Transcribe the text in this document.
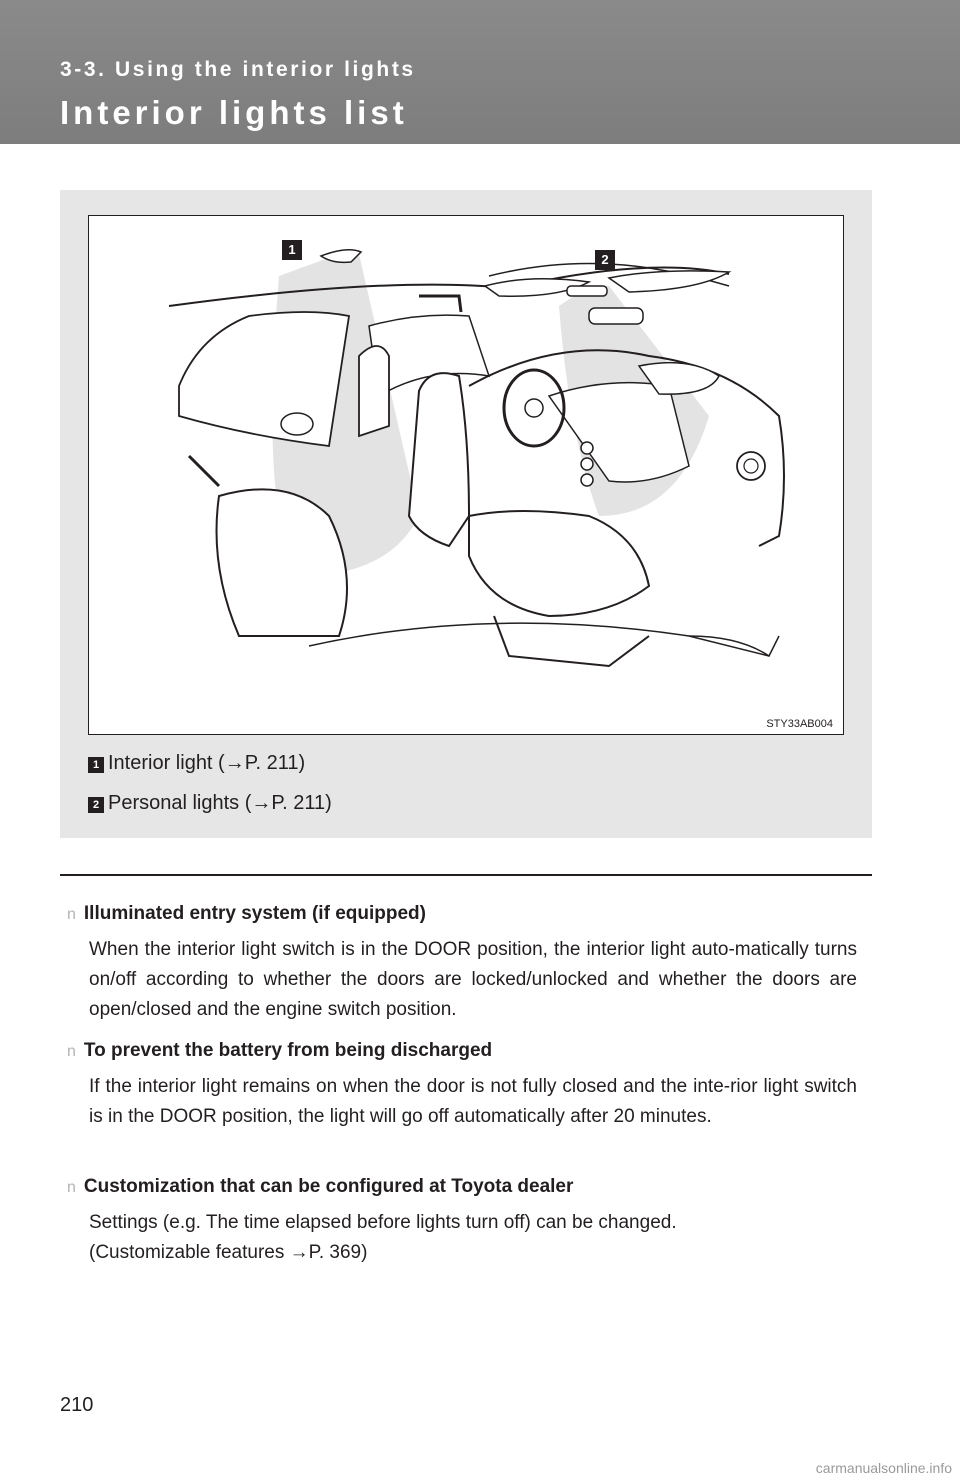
3-3. Using the interior lights
Interior lights list
1
2
STY33AB004
1 Interior light (→P. 211)
2 Personal lights (→P. 211)
n Illuminated entry system (if equipped)
When the interior light switch is in the DOOR position, the interior light auto-matically turns on/off according to whether the doors are locked/unlocked and whether the doors are open/closed and the engine switch position.
n To prevent the battery from being discharged
If the interior light remains on when the door is not fully closed and the inte-rior light switch is in the DOOR position, the light will go off automatically after 20 minutes.
n Customization that can be configured at Toyota dealer
Settings (e.g. The time elapsed before lights turn off) can be changed.
(Customizable features →P. 369)
210
carmanualsonline.info
